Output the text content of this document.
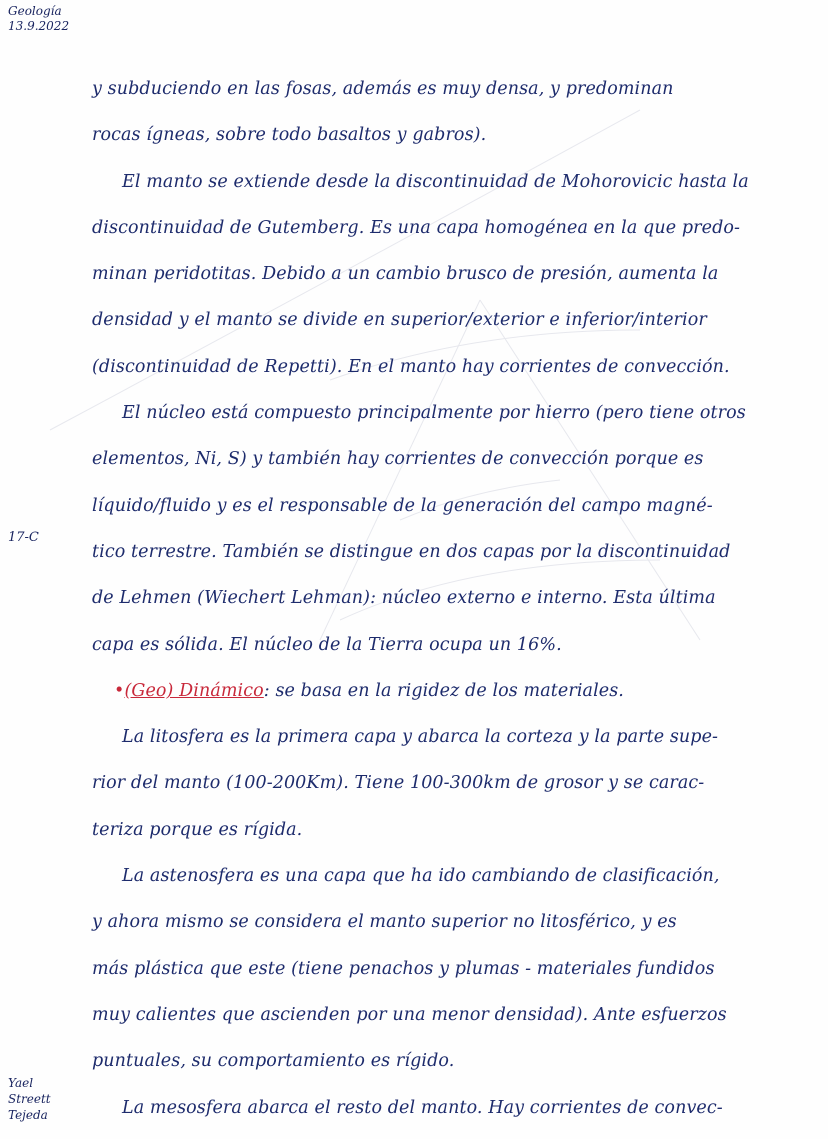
Geología
13.9.2022
17-C
Yael
Streett
Tejeda
y subduciendo en las fosas, además es muy densa, y predominan
rocas ígneas, sobre todo basaltos y gabros).
El manto se extiende desde la discontinuidad de Mohorovicic hasta la
discontinuidad de Gutemberg. Es una capa homogénea en la que predo-
minan peridotitas. Debido a un cambio brusco de presión, aumenta la
densidad y el manto se divide en superior/exterior e inferior/interior
(discontinuidad de Repetti). En el manto hay corrientes de convección.
El núcleo está compuesto principalmente por hierro (pero tiene otros
elementos, Ni, S) y también hay corrientes de convección porque es
líquido/fluido y es el responsable de la generación del campo magné-
tico terrestre. También se distingue en dos capas por la discontinuidad
de Lehmen (Wiechert Lehman): núcleo externo e interno. Esta última
capa es sólida. El núcleo de la Tierra ocupa un 16%.
•(Geo) Dinámico: se basa en la rigidez de los materiales.
La litosfera es la primera capa y abarca la corteza y la parte supe-
rior del manto (100-200Km). Tiene 100-300km de grosor y se carac-
teriza porque es rígida.
La astenosfera es una capa que ha ido cambiando de clasificación,
y ahora mismo se considera el manto superior no litosférico, y es
más plástica que este (tiene penachos y plumas - materiales fundidos
muy calientes que ascienden por una menor densidad). Ante esfuerzos
puntuales, su comportamiento es rígido.
La mesosfera abarca el resto del manto. Hay corrientes de convec-
